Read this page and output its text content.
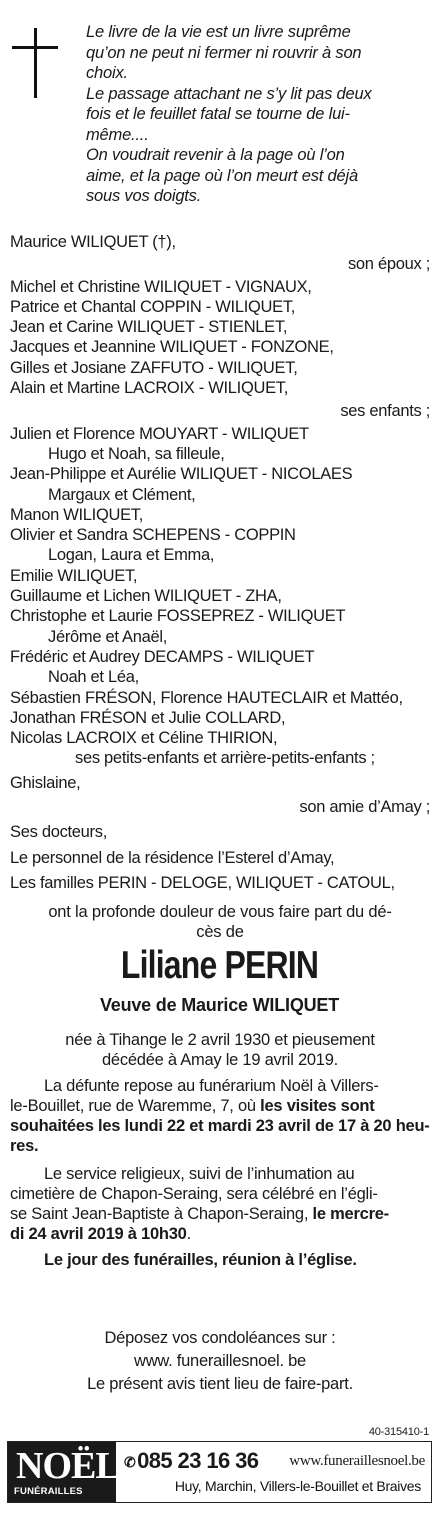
Le livre de la vie est un livre suprême
qu’on ne peut ni fermer ni rouvrir à son
choix.
Le passage attachant ne s’y lit pas deux
fois et le feuillet fatal se tourne de lui-
même....
On voudrait revenir à la page où l’on
aime, et la page où l’on meurt est déjà
sous vos doigts.
Maurice WILIQUET (†),
son époux ;
Michel et Christine WILIQUET - VIGNAUX,
Patrice et Chantal COPPIN - WILIQUET,
Jean et Carine WILIQUET - STIENLET,
Jacques et Jeannine WILIQUET - FONZONE,
Gilles et Josiane ZAFFUTO - WILIQUET,
Alain et Martine LACROIX - WILIQUET,
ses enfants ;
Julien et Florence MOUYART - WILIQUET
Hugo et Noah, sa filleule,
Jean-Philippe et Aurélie WILIQUET - NICOLAES
Margaux et Clément,
Manon WILIQUET,
Olivier et Sandra SCHEPENS - COPPIN
Logan, Laura et Emma,
Emilie WILIQUET,
Guillaume et Lichen WILIQUET - ZHA,
Christophe et Laurie FOSSEPREZ - WILIQUET
Jérôme et Anaël,
Frédéric et Audrey DECAMPS - WILIQUET
Noah et Léa,
Sébastien FRÉSON, Florence HAUTECLAIR et Mattéo,
Jonathan FRÉSON et Julie COLLARD,
Nicolas LACROIX et Céline THIRION,
ses petits-enfants et arrière-petits-enfants ;
Ghislaine,
son amie d’Amay ;
Ses docteurs,
Le personnel de la résidence l’Esterel d’Amay,
Les familles PERIN - DELOGE, WILIQUET - CATOUL,
ont la profonde douleur de vous faire part du dé-
cès de
Liliane PERIN
Veuve de Maurice WILIQUET
née à Tihange le 2 avril 1930 et pieusement
décédée à Amay le 19 avril 2019.
La défunte repose au funérarium Noël à Villers-
le-Bouillet, rue de Waremme, 7, où les visites sont
souhaitées les lundi 22 et mardi 23 avril de 17 à 20 heu-
res.
Le service religieux, suivi de l’inhumation au
cimetière de Chapon-Seraing, sera célébré en l’égli-
se Saint Jean-Baptiste à Chapon-Seraing, le mercre-
di 24 avril 2019 à 10h30.
Le jour des funérailles, réunion à l’église.
Déposez vos condoléances sur :
www. funeraillesnoel. be
Le présent avis tient lieu de faire-part.
40-315410-1
NOËL
FUNÉRAILLES
✆085 23 16 36 www.funeraillesnoel.be
Huy, Marchin, Villers-le-Bouillet et Braives
